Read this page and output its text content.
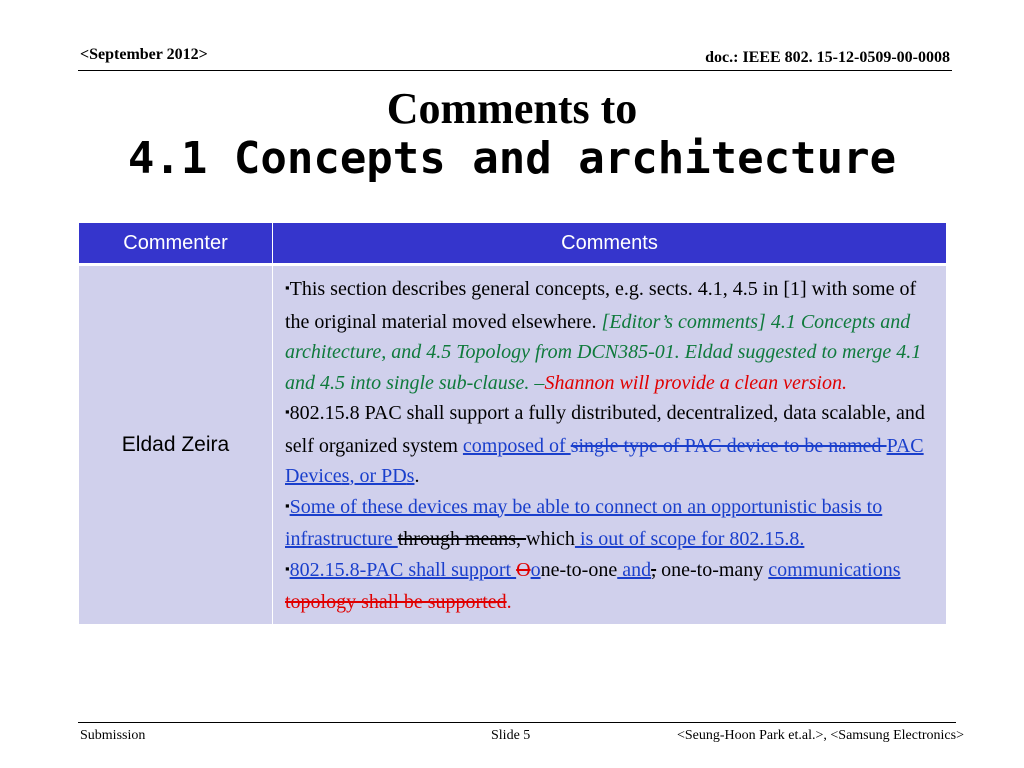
<September 2012>	doc.: IEEE 802. 15-12-0509-00-0008
Comments to
4.1 Concepts and architecture
Commenter	Comments
Eldad Zeira	▪This section describes general concepts, e.g. sects. 4.1, 4.5 in [1] with some of the original material moved elsewhere. [Editor’s comments] 4.1 Concepts and architecture, and 4.5 Topology from DCN385-01. Eldad suggested to merge 4.1 and 4.5 into single sub-clause. –Shannon will provide a clean version.
▪802.15.8 PAC shall support a fully distributed, decentralized, data scalable, and self organized system composed of single type of PAC device to be named PAC Devices, or PDs.
▪Some of these devices may be able to connect on an opportunistic basis to infrastructure through means, which is out of scope for 802.15.8.
▪802.15.8-PAC shall support Oone-to-one and, one-to-many communications topology shall be supported.
Submission	Slide 5	<Seung-Hoon Park et.al.>, <Samsung Electronics>
